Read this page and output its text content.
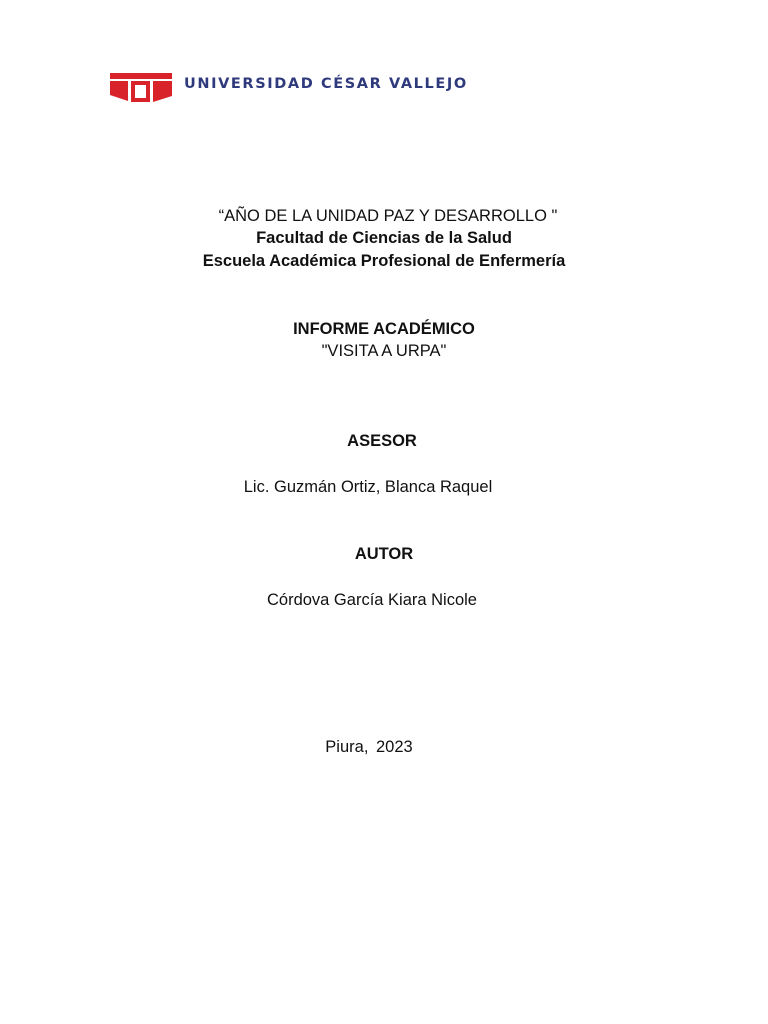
UNIVERSIDAD CÉSAR VALLEJO
“AÑO DE LA UNIDAD PAZ Y DESARROLLO "
Facultad de Ciencias de la Salud
Escuela Académica Profesional de Enfermería
INFORME ACADÉMICO
"VISITA A URPA"
ASESOR
Lic. Guzmán Ortiz, Blanca Raquel
AUTOR
Córdova García Kiara Nicole
Piura, 2023
